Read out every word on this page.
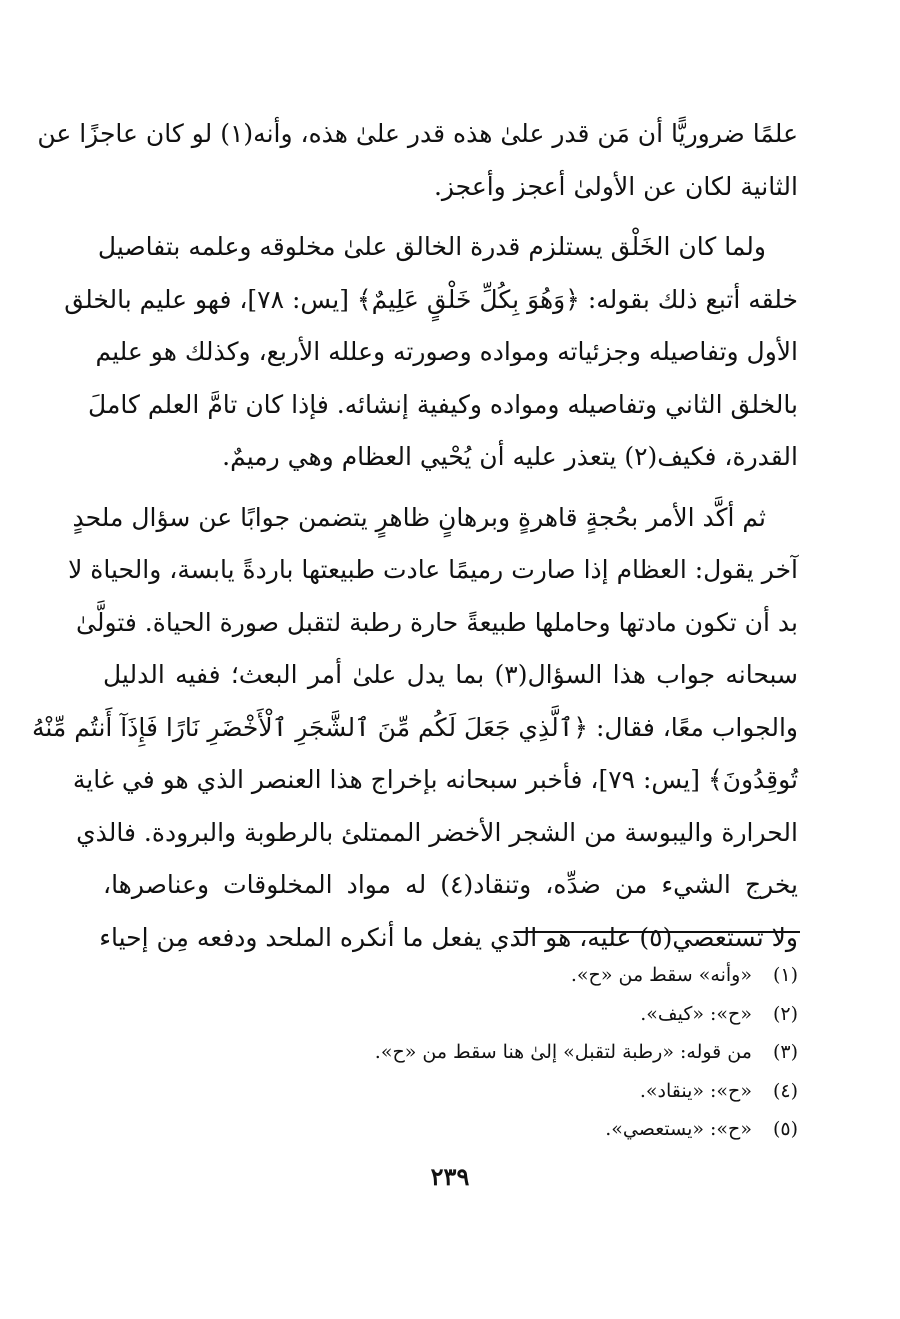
علمًا ضروريًّا أن مَن قدر علىٰ هذه قدر علىٰ هذه، وأنه(١) لو كان عاجزًا عن
الثانية لكان عن الأولىٰ أعجز وأعجز.

ولما كان الخَلْق يستلزم قدرة الخالق علىٰ مخلوقه وعلمه بتفاصيل
خلقه أتبع ذلك بقوله: ﴿وَهُوَ بِكُلِّ خَلْقٍ عَلِيمٌ﴾ [يس: ٧٨]، فهو عليم بالخلق
الأول وتفاصيله وجزئياته ومواده وصورته وعلله الأربع، وكذلك هو عليم
بالخلق الثاني وتفاصيله ومواده وكيفية إنشائه. فإذا كان تامَّ العلم كاملَ
القدرة، فكيف(٢) يتعذر عليه أن يُحْيي العظام وهي رميمٌ.

ثم أكَّد الأمر بحُجةٍ قاهرةٍ وبرهانٍ ظاهرٍ يتضمن جوابًا عن سؤال ملحدٍ
آخر يقول: العظام إذا صارت رميمًا عادت طبيعتها باردةً يابسة، والحياة لا
بد أن تكون مادتها وحاملها طبيعةً حارة رطبة لتقبل صورة الحياة. فتولَّىٰ
سبحانه جواب هذا السؤال(٣) بما يدل علىٰ أمر البعث؛ ففيه الدليل
والجواب معًا، فقال: ﴿ٱلَّذِي جَعَلَ لَكُم مِّنَ ٱلشَّجَرِ ٱلْأَخْضَرِ نَارًا فَإِذَآ أَنتُم مِّنْهُ
تُوقِدُونَ﴾ [يس: ٧٩]، فأخبر سبحانه بإخراج هذا العنصر الذي هو في غاية
الحرارة واليبوسة من الشجر الأخضر الممتلئ بالرطوبة والبرودة. فالذي
يخرج الشيء من ضدِّه، وتنقاد(٤) له مواد المخلوقات وعناصرها،
ولا تستعصي(٥) عليه، هو الذي يفعل ما أنكره الملحد ودفعه مِن إحياء

(١) «وأنه» سقط من «ح».
(٢) «ح»: «كيف».
(٣) من قوله: «رطبة لتقبل» إلىٰ هنا سقط من «ح».
(٤) «ح»: «ينقاد».
(٥) «ح»: «يستعصي».
٢٣٩
